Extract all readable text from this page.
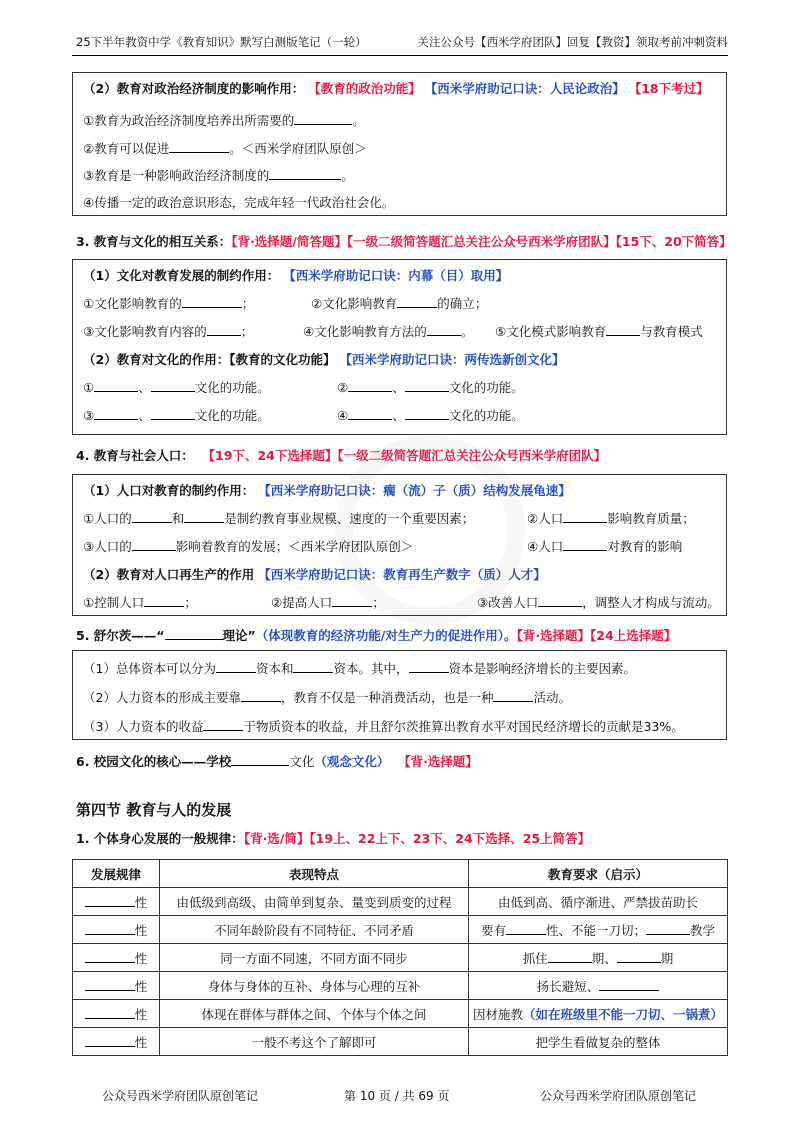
25下半年教资中学《教育知识》默写白测版笔记（一轮）	关注公众号【西米学府团队】回复【教资】领取考前冲刺资料
（2）教育对政治经济制度的影响作用： 【教育的政治功能】 【西米学府助记口诀：人民论政治】 【18下考过】
①教育为政治经济制度培养出所需要的	。
②教育可以促进	。＜西米学府团队原创＞
③教育是一种影响政治经济制度的	。
④传播一定的政治意识形态，完成年轻一代政治社会化。
3. 教育与文化的相互关系：【背·选择题/简答题】【一级二级简答题汇总关注公众号西米学府团队】【15下、20下简答】
（1）文化对教育发展的制约作用： 【西米学府助记口诀：内幕（目）取用】
①文化影响教育的	；	②文化影响教育	的确立；
③文化影响教育内容的	；	④文化影响教育方法的	。 ⑤文化模式影响教育	与教育模式
（2）教育对文化的作用：【教育的文化功能】 【西米学府助记口诀：两传选新创文化】
①	、	文化的功能。	②	、	文化的功能。
③	、	文化的功能。	④	、	文化的功能。
4. 教育与社会人口： 【19下、24下选择题】【一级二级简答题汇总关注公众号西米学府团队】
（1）人口对教育的制约作用： 【西米学府助记口诀：瘸（流）子（质）结构发展龟速】
①人口的	和	是制约教育事业规模、速度的一个重要因素；	②人口	影响教育质量；
③人口的	影响着教育的发展；＜西米学府团队原创＞	④人口	对教育的影响
（2）教育对人口再生产的作用 【西米学府助记口诀：教育再生产数字（质）人才】
①控制人口	；	②提高人口	；	③改善人口	，调整人才构成与流动。
5. 舒尔茨——“	理论”（体现教育的经济功能/对生产力的促进作用）。【背·选择题】【24上选择题】
（1）总体资本可以分为	资本和	资本。其中，	资本是影响经济增长的主要因素。
（2）人力资本的形成主要靠	，教育不仅是一种消费活动，也是一种	活动。
（3）人力资本的收益	于物质资本的收益，并且舒尔茨推算出教育水平对国民经济增长的贡献是33%。
6. 校园文化的核心——学校	文化（观念文化） 【背·选择题】
第四节 教育与人的发展
1. 个体身心发展的一般规律：【背·选/简】【19上、22上下、23下、24下选择、25上简答】
发展规律	表现特点	教育要求（启示）
性	由低级到高级、由简单到复杂、量变到质变的过程	由低到高、循序渐进、严禁拔苗助长
性	不同年龄阶段有不同特征、不同矛盾	要有 性、不能一刀切； 教学
性	同一方面不同速，不同方面不同步	抓住 期、 期
性	身体与身体的互补、身体与心理的互补	扬长避短、
性	体现在群体与群体之间、个体与个体之间	因材施教（如在班级里不能一刀切、一锅煮）
性	一般不考这个了解即可	把学生看做复杂的整体
公众号西米学府团队原创笔记	第 10 页 / 共 69 页	公众号西米学府团队原创笔记
